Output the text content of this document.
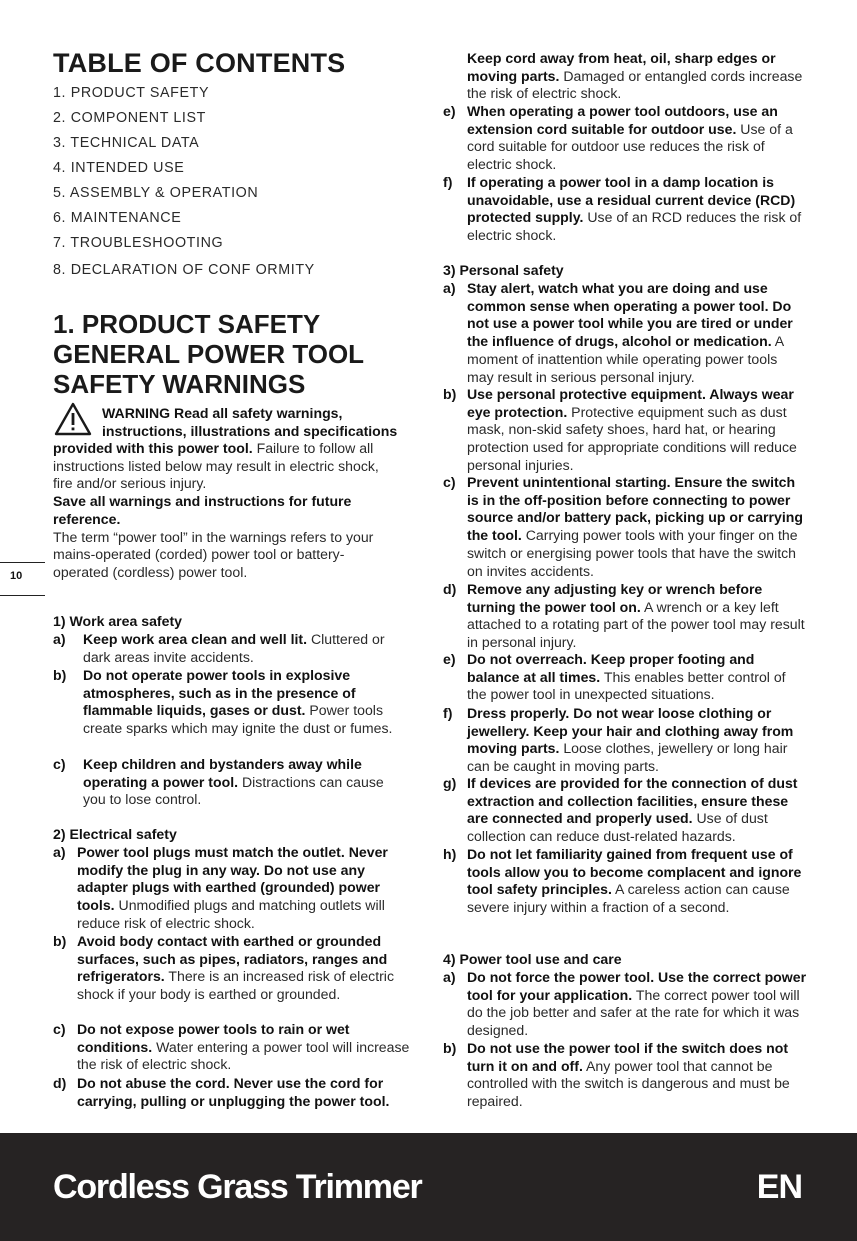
TABLE OF CONTENTS
1. PRODUCT SAFETY
2. COMPONENT LIST
3. TECHNICAL DATA
4. INTENDED USE
5. ASSEMBLY & OPERATION
6. MAINTENANCE
7. TROUBLESHOOTING
8. DECLARATION OF CONF ORMITY
1. PRODUCT SAFETY
GENERAL POWER TOOL
SAFETY WARNINGS
WARNING Read all safety warnings,
instructions, illustrations and specifications
provided with this power tool. Failure to follow all
instructions listed below may result in electric shock,
fire and/or serious injury.
Save all warnings and instructions for future
reference.
The term “power tool” in the warnings refers to your
mains-operated (corded) power tool or battery-
operated (cordless) power tool.
10
1) Work area safety
a) Keep work area clean and well lit. Cluttered or dark areas invite accidents.
b) Do not operate power tools in explosive atmospheres, such as in the presence of flammable liquids, gases or dust. Power tools create sparks which may ignite the dust or fumes.
c) Keep children and bystanders away while operating a power tool. Distractions can cause you to lose control.
2) Electrical safety
a) Power tool plugs must match the outlet. Never modify the plug in any way. Do not use any adapter plugs with earthed (grounded) power tools. Unmodified plugs and matching outlets will reduce risk of electric shock.
b) Avoid body contact with earthed or grounded surfaces, such as pipes, radiators, ranges and refrigerators. There is an increased risk of electric shock if your body is earthed or grounded.
c) Do not expose power tools to rain or wet conditions. Water entering a power tool will increase the risk of electric shock.
d) Do not abuse the cord. Never use the cord for carrying, pulling or unplugging the power tool.
Keep cord away from heat, oil, sharp edges or moving parts. Damaged or entangled cords increase the risk of electric shock.
e) When operating a power tool outdoors, use an extension cord suitable for outdoor use. Use of a cord suitable for outdoor use reduces the risk of electric shock.
f) If operating a power tool in a damp location is unavoidable, use a residual current device (RCD) protected supply. Use of an RCD reduces the risk of electric shock.
3) Personal safety
a) Stay alert, watch what you are doing and use common sense when operating a power tool. Do not use a power tool while you are tired or under the influence of drugs, alcohol or medication. A moment of inattention while operating power tools may result in serious personal injury.
b) Use personal protective equipment. Always wear eye protection. Protective equipment such as dust mask, non-skid safety shoes, hard hat, or hearing protection used for appropriate conditions will reduce personal injuries.
c) Prevent unintentional starting. Ensure the switch is in the off-position before connecting to power source and/or battery pack, picking up or carrying the tool. Carrying power tools with your finger on the switch or energising power tools that have the switch on invites accidents.
d) Remove any adjusting key or wrench before turning the power tool on. A wrench or a key left attached to a rotating part of the power tool may result in personal injury.
e) Do not overreach. Keep proper footing and balance at all times. This enables better control of the power tool in unexpected situations.
f) Dress properly. Do not wear loose clothing or jewellery. Keep your hair and clothing away from moving parts. Loose clothes, jewellery or long hair can be caught in moving parts.
g) If devices are provided for the connection of dust extraction and collection facilities, ensure these are connected and properly used. Use of dust collection can reduce dust-related hazards.
h) Do not let familiarity gained from frequent use of tools allow you to become complacent and ignore tool safety principles. A careless action can cause severe injury within a fraction of a second.
4) Power tool use and care
a) Do not force the power tool. Use the correct power tool for your application. The correct power tool will do the job better and safer at the rate for which it was designed.
b) Do not use the power tool if the switch does not turn it on and off. Any power tool that cannot be controlled with the switch is dangerous and must be repaired.
Cordless Grass Trimmer	EN
